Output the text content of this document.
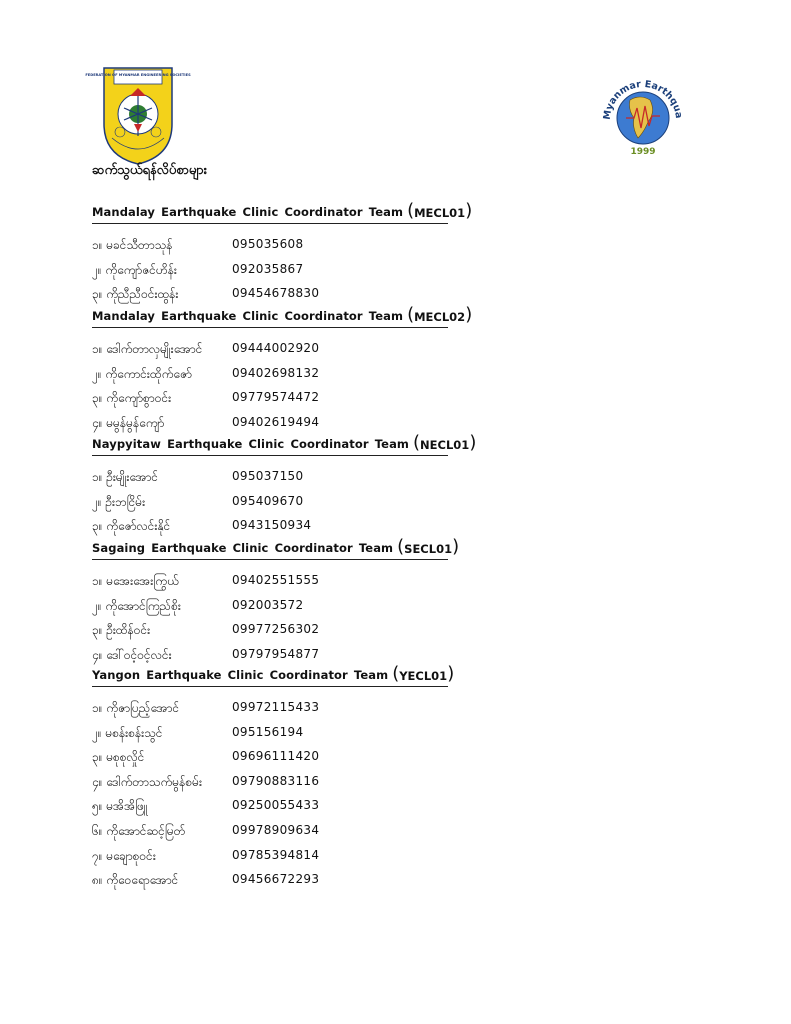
FEDERATION OF MYANMAR ENGINEERING SOCIETIES
Myanmar Earthqua
1999
ဆက်သွယ်ရန်လိပ်စာများ
Mandalay Earthquake Clinic Coordinator Team (MECL01)
၁။ မခင်သီတာသုန်	095035608
၂။ ကိုကျော်ဇင်ဟိန်း	092035867
၃။ ကိုညီညီဝင်းထွန်း	09454678830
Mandalay Earthquake Clinic Coordinator Team (MECL02)
၁။ ဒေါက်တာလှမျိုးအောင် 09444002920
၂။ ကိုကောင်းထိုက်ဇော်	09402698132
၃။ ကိုကျော်စွာဝင်း	09779574472
၄။ မမွန်မွန်ကျော်	09402619494
Naypyitaw Earthquake Clinic Coordinator Team (NECL01)
၁။ ဦးမျိုးအောင်	095037150
၂။ ဦးဘငြိမ်း	095409670
၃။ ကိုဇော်လင်းနိုင်	0943150934
Sagaing Earthquake Clinic Coordinator Team (SECL01)
၁။ မအေးအေးကြွယ်	09402551555
၂။ ကိုအောင်ကြည်စိုး	092003572
၃။ ဦးထိန်ဝင်း	09977256302
၄။ ဒေါ်ဝင့်ဝင့်လင်း	09797954877
Yangon Earthquake Clinic Coordinator Team (YECL01)
၁။ ကိုဇာပြည့်အောင်	09972115433
၂။ မစန်းစန်းသွင်	095156194
၃။ မစုစုလှိုင်	09696111420
၄။ ဒေါက်တာသက်မွန်စမ်း	09790883116
၅။ မအိအိဖြူ	09250055433
၆။ ကိုအောင်ဆင့်မြတ်	09978909634
၇။ မချောစုဝင်း	09785394814
၈။ ကိုဝေရောအောင်	09456672293
